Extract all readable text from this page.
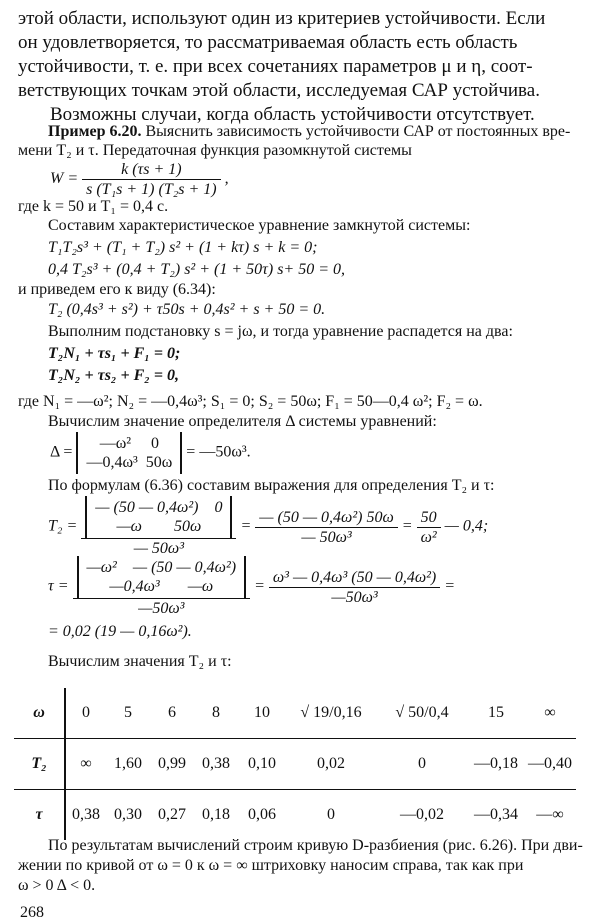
этой области, используют один из критериев устойчивости. Если
он удовлетворяется, то рассматриваемая область есть область
устойчивости, т. е. при всех сочетаниях параметров μ и η, соот-
ветствующих точкам этой области, исследуемая САР устойчива.
Возможны случаи, когда область устойчивости отсутствует.
Пример 6.20. Выяснить зависимость устойчивости САР от постоянных вре-
мени T₂ и τ. Передаточная функция разомкнутой системы
$W = \frac{k (\tau s + 1)}{\text{s (T₁s + 1) (T₂s + 1)}}$ ,
где k = 50 и T₁ = 0,4 с.
Составим характеристическое уравнение замкнутой системы:
T₁T₂s³ + (T₁ + T₂) s² + (1 + kτ) s + k = 0;
0,4 T₂s³ + (0,4 + T₂) s² + (1 + 50τ) s+ 50 = 0,
и приведем его к виду (6.34):
T₂ (0,4s³ + s²) + τ50s + 0,4s² + s + 50 = 0.
Выполним подстановку s = jω, и тогда уравнение распадется на два:
T₂N₁ + τs₁ + F₁ = 0;
T₂N₂ + τs₂ + F₂ = 0,
где N₁ = —ω²; N₂ = —0,4ω³; S₁ = 0; S₂ = 50ω; F₁ = 50—0,4 ω²; F₂ = ω.
Вычислим значение определителя Δ системы уравнений:
Δ =
—ω² 0
—0,4ω³ 50ω
= —50ω³.
По формулам (6.36) составим выражения для определения T₂ и τ:
T₂ = — (50 — 0,4ω²) 0
—ω 50ω
— $50\omega^3 = \frac{\text{— (50 — 0,4ω²) 50ω}}{\text{— 50ω³}} = \frac{50}{\text{ω²}}$ — 0,4;
τ = —ω² — (50 — 0,4ω²)
—0,4ω³ —ω
—50ω³ = $\frac{\text{ω³ — 0,4ω³ (50 — 0,4ω²)}}{\text{—50ω³}}$ =
= 0,02 (19 — 0,16ω²).
Вычислим значения T₂ и τ:
ω	0	5	6	8	10	√ 19/0,16	√ 50/0,4	15	∞
T₂	∞	1,60	0,99	0,38	0,10	0,02	0	—0,18	—0,40
τ	0,38	0,30	0,27	0,18	0,06	0	—0,02	—0,34	—∞
По результатам вычислений строим кривую D-разбиения (рис. 6.26). При дви-
жении по кривой от ω = 0 к ω = ∞ штриховку наносим справа, так как при
ω > 0 Δ < 0.
268
